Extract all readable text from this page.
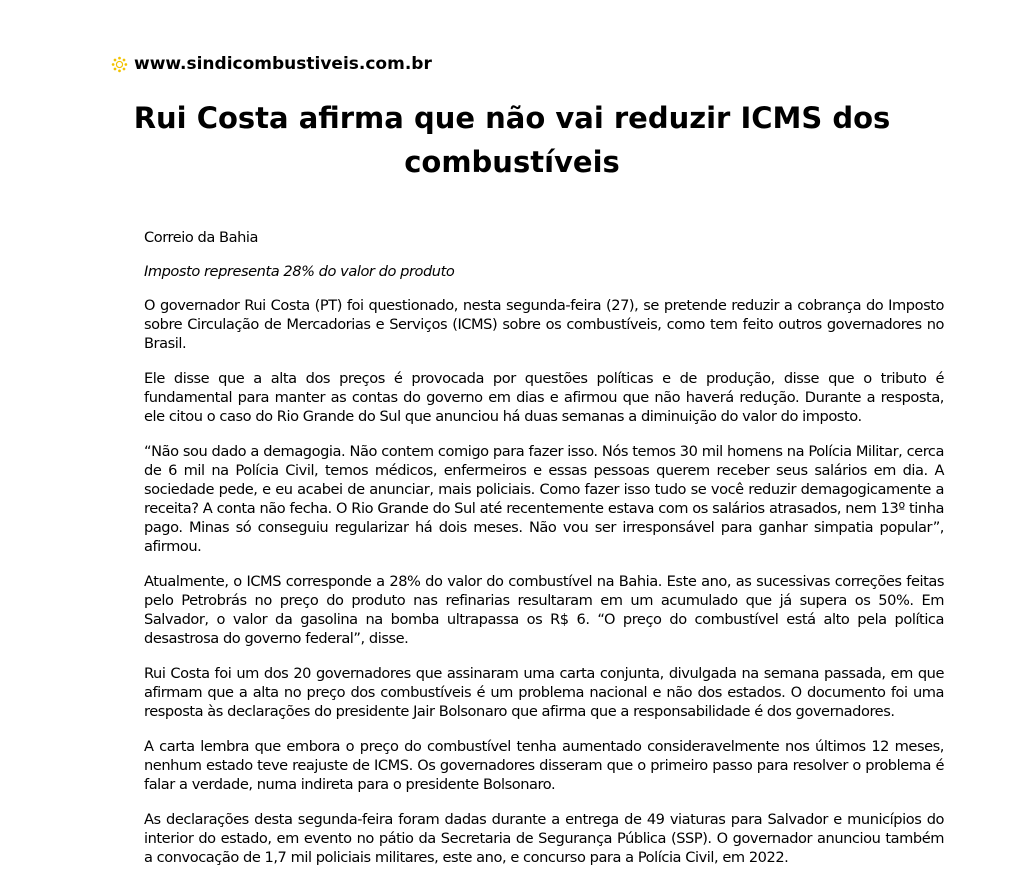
www.sindicombustiveis.com.br
Rui Costa afirma que não vai reduzir ICMS dos combustíveis

Correio da Bahia

Imposto representa 28% do valor do produto

O governador Rui Costa (PT) foi questionado, nesta segunda-feira (27), se pretende reduzir a cobrança do Imposto sobre Circulação de Mercadorias e Serviços (ICMS) sobre os combustíveis, como tem feito outros governadores no Brasil.

Ele disse que a alta dos preços é provocada por questões políticas e de produção, disse que o tributo é fundamental para manter as contas do governo em dias e afirmou que não haverá redução. Durante a resposta, ele citou o caso do Rio Grande do Sul que anunciou há duas semanas a diminuição do valor do imposto.

“Não sou dado a demagogia. Não contem comigo para fazer isso. Nós temos 30 mil homens na Polícia Militar, cerca de 6 mil na Polícia Civil, temos médicos, enfermeiros e essas pessoas querem receber seus salários em dia. A sociedade pede, e eu acabei de anunciar, mais policiais. Como fazer isso tudo se você reduzir demagogicamente a receita? A conta não fecha. O Rio Grande do Sul até recentemente estava com os salários atrasados, nem 13º tinha pago. Minas só conseguiu regularizar há dois meses. Não vou ser irresponsável para ganhar simpatia popular”, afirmou.

Atualmente, o ICMS corresponde a 28% do valor do combustível na Bahia. Este ano, as sucessivas correções feitas pelo Petrobrás no preço do produto nas refinarias resultaram em um acumulado que já supera os 50%. Em Salvador, o valor da gasolina na bomba ultrapassa os R$ 6. “O preço do combustível está alto pela política desastrosa do governo federal”, disse.

Rui Costa foi um dos 20 governadores que assinaram uma carta conjunta, divulgada na semana passada, em que afirmam que a alta no preço dos combustíveis é um problema nacional e não dos estados. O documento foi uma resposta às declarações do presidente Jair Bolsonaro que afirma que a responsabilidade é dos governadores.

A carta lembra que embora o preço do combustível tenha aumentado consideravelmente nos últimos 12 meses, nenhum estado teve reajuste de ICMS. Os governadores disseram que o primeiro passo para resolver o problema é falar a verdade, numa indireta para o presidente Bolsonaro.

As declarações desta segunda-feira foram dadas durante a entrega de 49 viaturas para Salvador e municípios do interior do estado, em evento no pátio da Secretaria de Segurança Pública (SSP). O governador anunciou também a convocação de 1,7 mil policiais militares, este ano, e concurso para a Polícia Civil, em 2022.
